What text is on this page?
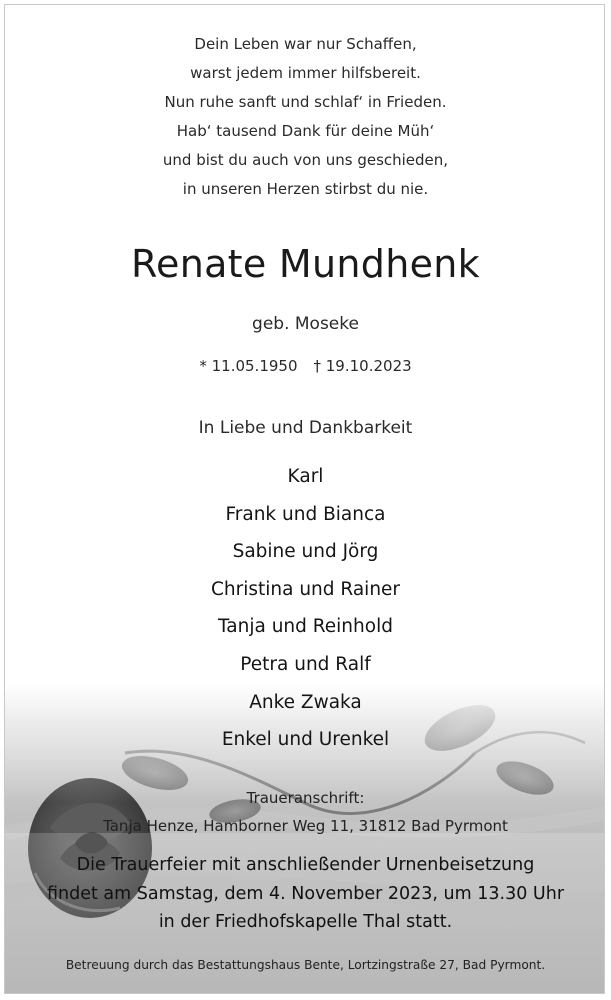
Dein Leben war nur Schaffen,
warst jedem immer hilfsbereit.
Nun ruhe sanft und schlaf‘ in Frieden.
Hab‘ tausend Dank für deine Müh‘
und bist du auch von uns geschieden,
in unseren Herzen stirbst du nie.
Renate Mundhenk
geb. Moseke
* 11.05.1950 † 19.10.2023
In Liebe und Dankbarkeit
Karl
Frank und Bianca
Sabine und Jörg
Christina und Rainer
Tanja und Reinhold
Petra und Ralf
Anke Zwaka
Enkel und Urenkel
Traueranschrift:
Tanja Henze, Hamborner Weg 11, 31812 Bad Pyrmont
Die Trauerfeier mit anschließender Urnenbeisetzung
findet am Samstag, dem 4. November 2023, um 13.30 Uhr
in der Friedhofskapelle Thal statt.
Betreuung durch das Bestattungshaus Bente, Lortzingstraße 27, Bad Pyrmont.
